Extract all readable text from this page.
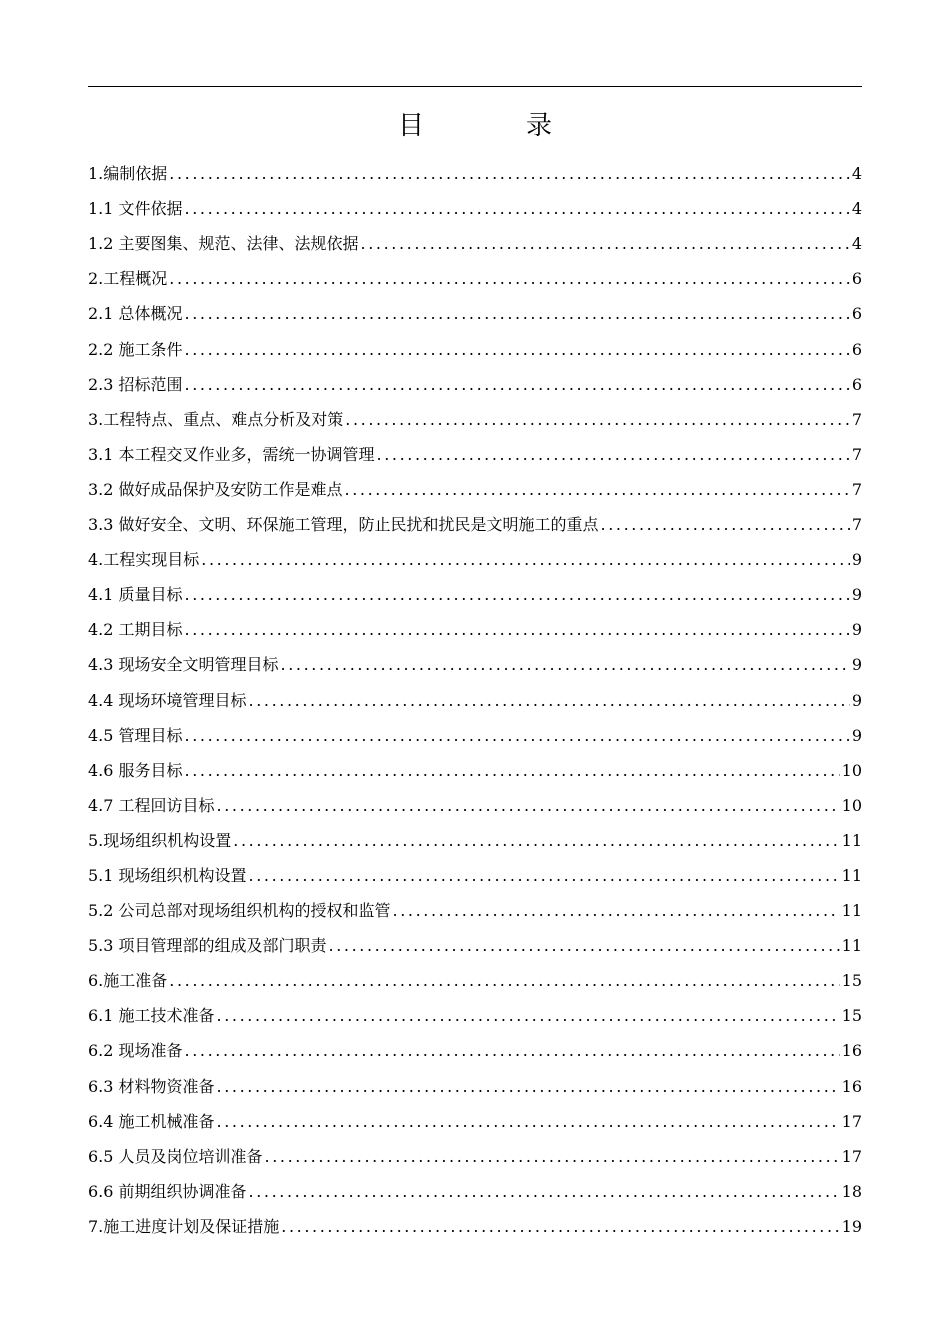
目　录
1.编制依据 .....	4
1.1 文件依据 .....	4
1.2 主要图集、规范、法律、法规依据 .....	4
2.工程概况 .....	6
2.1 总体概况 .....	6
2.2 施工条件 .....	6
2.3 招标范围 .....	6
3.工程特点、重点、难点分析及对策 .....	7
3.1 本工程交叉作业多，需统一协调管理 .....	7
3.2 做好成品保护及安防工作是难点 .....	7
3.3 做好安全、文明、环保施工管理，防止民扰和扰民是文明施工的重点 .....	7
4.工程实现目标 .....	9
4.1 质量目标 .....	9
4.2 工期目标 .....	9
4.3 现场安全文明管理目标 .....	9
4.4 现场环境管理目标 .....	9
4.5 管理目标 .....	9
4.6 服务目标 .....	10
4.7 工程回访目标 .....	10
5.现场组织机构设置 .....	11
5.1 现场组织机构设置 .....	11
5.2 公司总部对现场组织机构的授权和监管 .....	11
5.3 项目管理部的组成及部门职责 .....	11
6.施工准备 .....	15
6.1 施工技术准备 .....	15
6.2 现场准备 .....	16
6.3 材料物资准备 .....	16
6.4 施工机械准备 .....	17
6.5 人员及岗位培训准备 .....	17
6.6 前期组织协调准备 .....	18
7.施工进度计划及保证措施 .....	19
